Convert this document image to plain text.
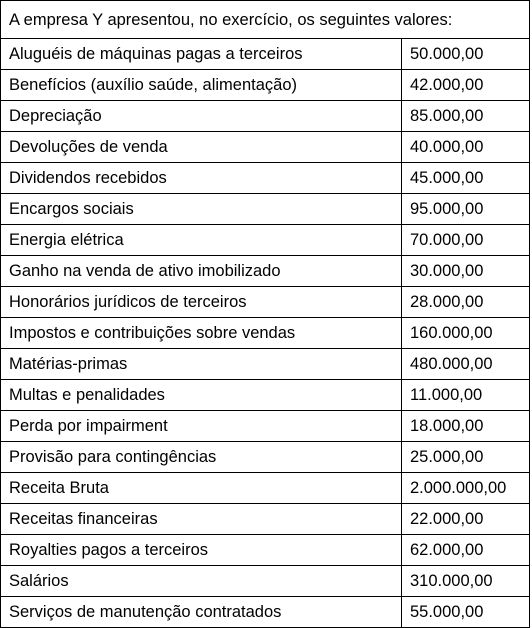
A empresa Y apresentou, no exercício, os seguintes valores:
Aluguéis de máquinas pagas a terceiros	50.000,00
Benefícios (auxílio saúde, alimentação)	42.000,00
Depreciação	85.000,00
Devoluções de venda	40.000,00
Dividendos recebidos	45.000,00
Encargos sociais	95.000,00
Energia elétrica	70.000,00
Ganho na venda de ativo imobilizado	30.000,00
Honorários jurídicos de terceiros	28.000,00
Impostos e contribuições sobre vendas	160.000,00
Matérias-primas	480.000,00
Multas e penalidades	11.000,00
Perda por impairment	18.000,00
Provisão para contingências	25.000,00
Receita Bruta	2.000.000,00
Receitas financeiras	22.000,00
Royalties pagos a terceiros	62.000,00
Salários	310.000,00
Serviços de manutenção contratados	55.000,00
